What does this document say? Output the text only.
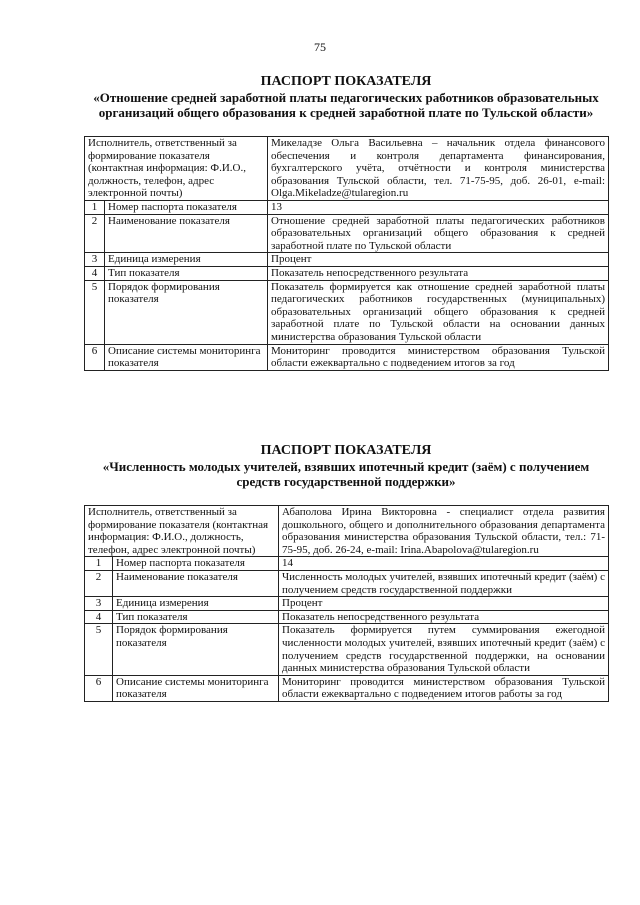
75
ПАСПОРТ ПОКАЗАТЕЛЯ
«Отношение средней заработной платы педагогических работников образовательных организаций общего образования к средней заработной плате по Тульской области»
Исполнитель, ответственный за формирование показателя (контактная информация: Ф.И.О., должность, телефон, адрес электронной почты)		Микеладзе Ольга Васильевна – начальник отдела финансового обеспечения и контроля департамента финансирования, бухгалтерского учёта, отчётности и контроля министерства образования Тульской области, тел. 71-75-95, доб. 26-01, e-mail: Olga.Mikeladze@tularegion.ru
1	Номер паспорта показателя	13
2	Наименование показателя	Отношение средней заработной платы педагогических работников образовательных организаций общего образования к средней заработной плате по Тульской области
3	Единица измерения	Процент
4	Тип показателя	Показатель непосредственного результата
5	Порядок формирования показателя	Показатель формируется как отношение средней заработной платы педагогических работников государственных (муниципальных) образовательных организаций общего образования к средней заработной плате по Тульской области на основании данных министерства образования Тульской области
6	Описание системы мониторинга показателя	Мониторинг проводится министерством образования Тульской области ежеквартально с подведением итогов за год
ПАСПОРТ ПОКАЗАТЕЛЯ
«Численность молодых учителей, взявших ипотечный кредит (заём) с получением средств государственной поддержки»
Исполнитель, ответственный за формирование показателя (контактная информация: Ф.И.О., должность, телефон, адрес электронной почты)		Абаполова Ирина Викторовна - специалист отдела развития дошкольного, общего и дополнительного образования департамента образования министерства образования Тульской области, тел.: 71-75-95, доб. 26-24, e-mail: Irina.Abapolova@tularegion.ru
1	Номер паспорта показателя	14
2	Наименование показателя	Численность молодых учителей, взявших ипотечный кредит (заём) с получением средств государственной поддержки
3	Единица измерения	Процент
4	Тип показателя	Показатель непосредственного результата
5	Порядок формирования показателя	Показатель формируется путем суммирования ежегодной численности молодых учителей, взявших ипотечный кредит (заём) с получением средств государственной поддержки, на основании данных министерства образования Тульской области
6	Описание системы мониторинга показателя	Мониторинг проводится министерством образования Тульской области ежеквартально с подведением итогов работы за год
